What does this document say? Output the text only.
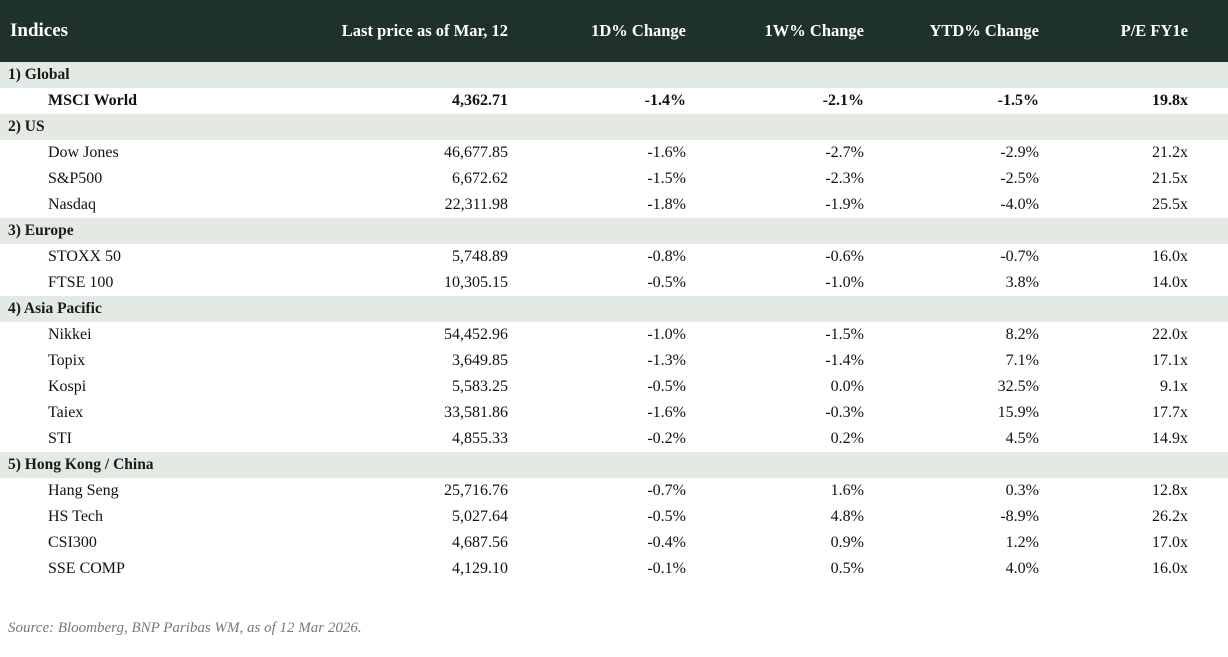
Indices	Last price as of Mar, 12	1D% Change	1W% Change	YTD% Change	P/E FY1e
1) Global					
MSCI World	4,362.71	-1.4%	-2.1%	-1.5%	19.8x
2) US					
Dow Jones	46,677.85	-1.6%	-2.7%	-2.9%	21.2x
S&P500	6,672.62	-1.5%	-2.3%	-2.5%	21.5x
Nasdaq	22,311.98	-1.8%	-1.9%	-4.0%	25.5x
3) Europe					
STOXX 50	5,748.89	-0.8%	-0.6%	-0.7%	16.0x
FTSE 100	10,305.15	-0.5%	-1.0%	3.8%	14.0x
4) Asia Pacific					
Nikkei	54,452.96	-1.0%	-1.5%	8.2%	22.0x
Topix	3,649.85	-1.3%	-1.4%	7.1%	17.1x
Kospi	5,583.25	-0.5%	0.0%	32.5%	9.1x
Taiex	33,581.86	-1.6%	-0.3%	15.9%	17.7x
STI	4,855.33	-0.2%	0.2%	4.5%	14.9x
5) Hong Kong / China					
Hang Seng	25,716.76	-0.7%	1.6%	0.3%	12.8x
HS Tech	5,027.64	-0.5%	4.8%	-8.9%	26.2x
CSI300	4,687.56	-0.4%	0.9%	1.2%	17.0x
SSE COMP	4,129.10	-0.1%	0.5%	4.0%	16.0x
Source: Bloomberg, BNP Paribas WM, as of 12 Mar 2026.
